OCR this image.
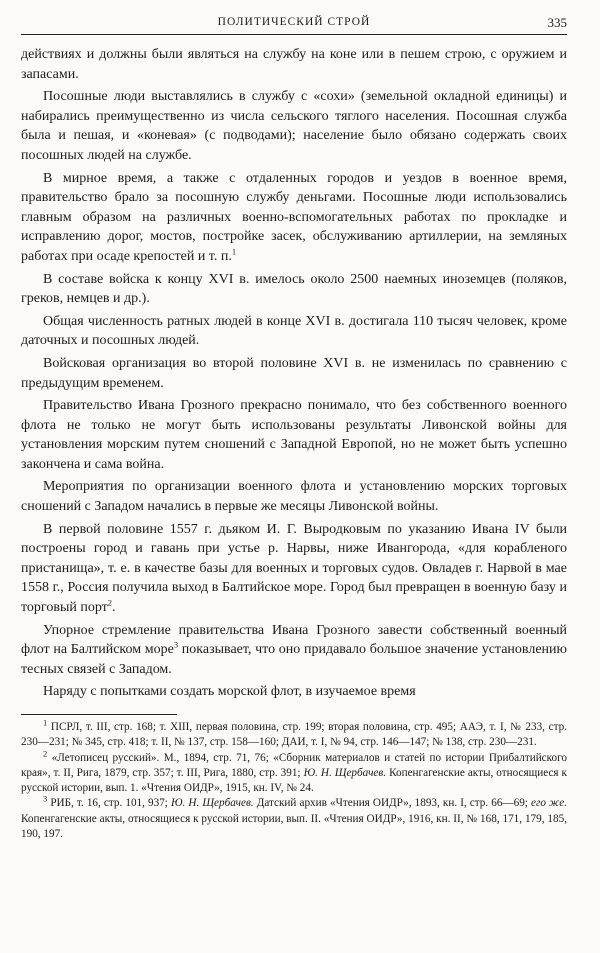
ПОЛИТИЧЕСКИЙ СТРОЙ	335

действиях и должны были являться на службу на коне или в пешем строю, с оружием и запасами.

Посошные люди выставлялись в службу с «сохи» (земельной окладной единицы) и набирались преимущественно из числа сельского тяглого населения. Посошная служба была и пешая, и «коневая» (с подводами); население было обязано содержать своих посошных людей на службе.

В мирное время, а также с отдаленных городов и уездов в военное время, правительство брало за посошную службу деньгами. Посошные люди использовались главным образом на различных военно-вспомогательных работах по прокладке и исправлению дорог, мостов, постройке засек, обслуживанию артиллерии, на земляных работах при осаде крепостей и т. п.$^1$

В составе войска к концу XVI в. имелось около 2500 наемных иноземцев (поляков, греков, немцев и др.).

Общая численность ратных людей в конце XVI в. достигала 110 тысяч человек, кроме даточных и посошных людей.

Войсковая организация во второй половине XVI в. не изменилась по сравнению с предыдущим временем.

Правительство Ивана Грозного прекрасно понимало, что без собственного военного флота не только не могут быть использованы результаты Ливонской войны для установления морским путем сношений с Западной Европой, но не может быть успешно закончена и сама война.

Мероприятия по организации военного флота и установлению морских торговых сношений с Западом начались в первые же месяцы Ливонской войны.

В первой половине 1557 г. дьяком И. Г. Выродковым по указанию Ивана IV были построены город и гавань при устье р. Нарвы, ниже Ивангорода, «для корабленого пристанища», т. е. в качестве базы для военных и торговых судов. Овладев г. Нарвой в мае 1558 г., Россия получила выход в Балтийское море. Город был превращен в военную базу и торговый порт$^2$.

Упорное стремление правительства Ивана Грозного завести собственный военный флот на Балтийском море$^3$ показывает, что оно придавало большое значение установлению тесных связей с Западом.

Наряду с попытками создать морской флот, в изучаемое время

$^1$ ПСРЛ, т. III, стр. 168; т. XIII, первая половина, стр. 199; вторая половина, стр. 495; ААЭ, т. I, № 233, стр. 230—231; № 345, стр. 418; т. II, № 137, стр. 158—160; ДАИ, т. I, № 94, стр. 146—147; № 138, стр. 230—231.

$^2$ «Летописец русский». М., 1894, стр. 71, 76; «Сборник материалов и статей по истории Прибалтийского края», т. II, Рига, 1879, стр. 357; т. III, Рига, 1880, стр. 391; Ю. Н. Щербачев. Копенгагенские акты, относящиеся к русской истории, вып. 1. «Чтения ОИДР», 1915, кн. IV, № 24.

$^3$ РИБ, т. 16, стр. 101, 937; Ю. Н. Щербачев. Датский архив «Чтения ОИДР», 1893, кн. I, стр. 66—69; его же. Копенгагенские акты, относящиеся к русской истории, вып. II. «Чтения ОИДР», 1916, кн. II, № 168, 171, 179, 185, 190, 197.
